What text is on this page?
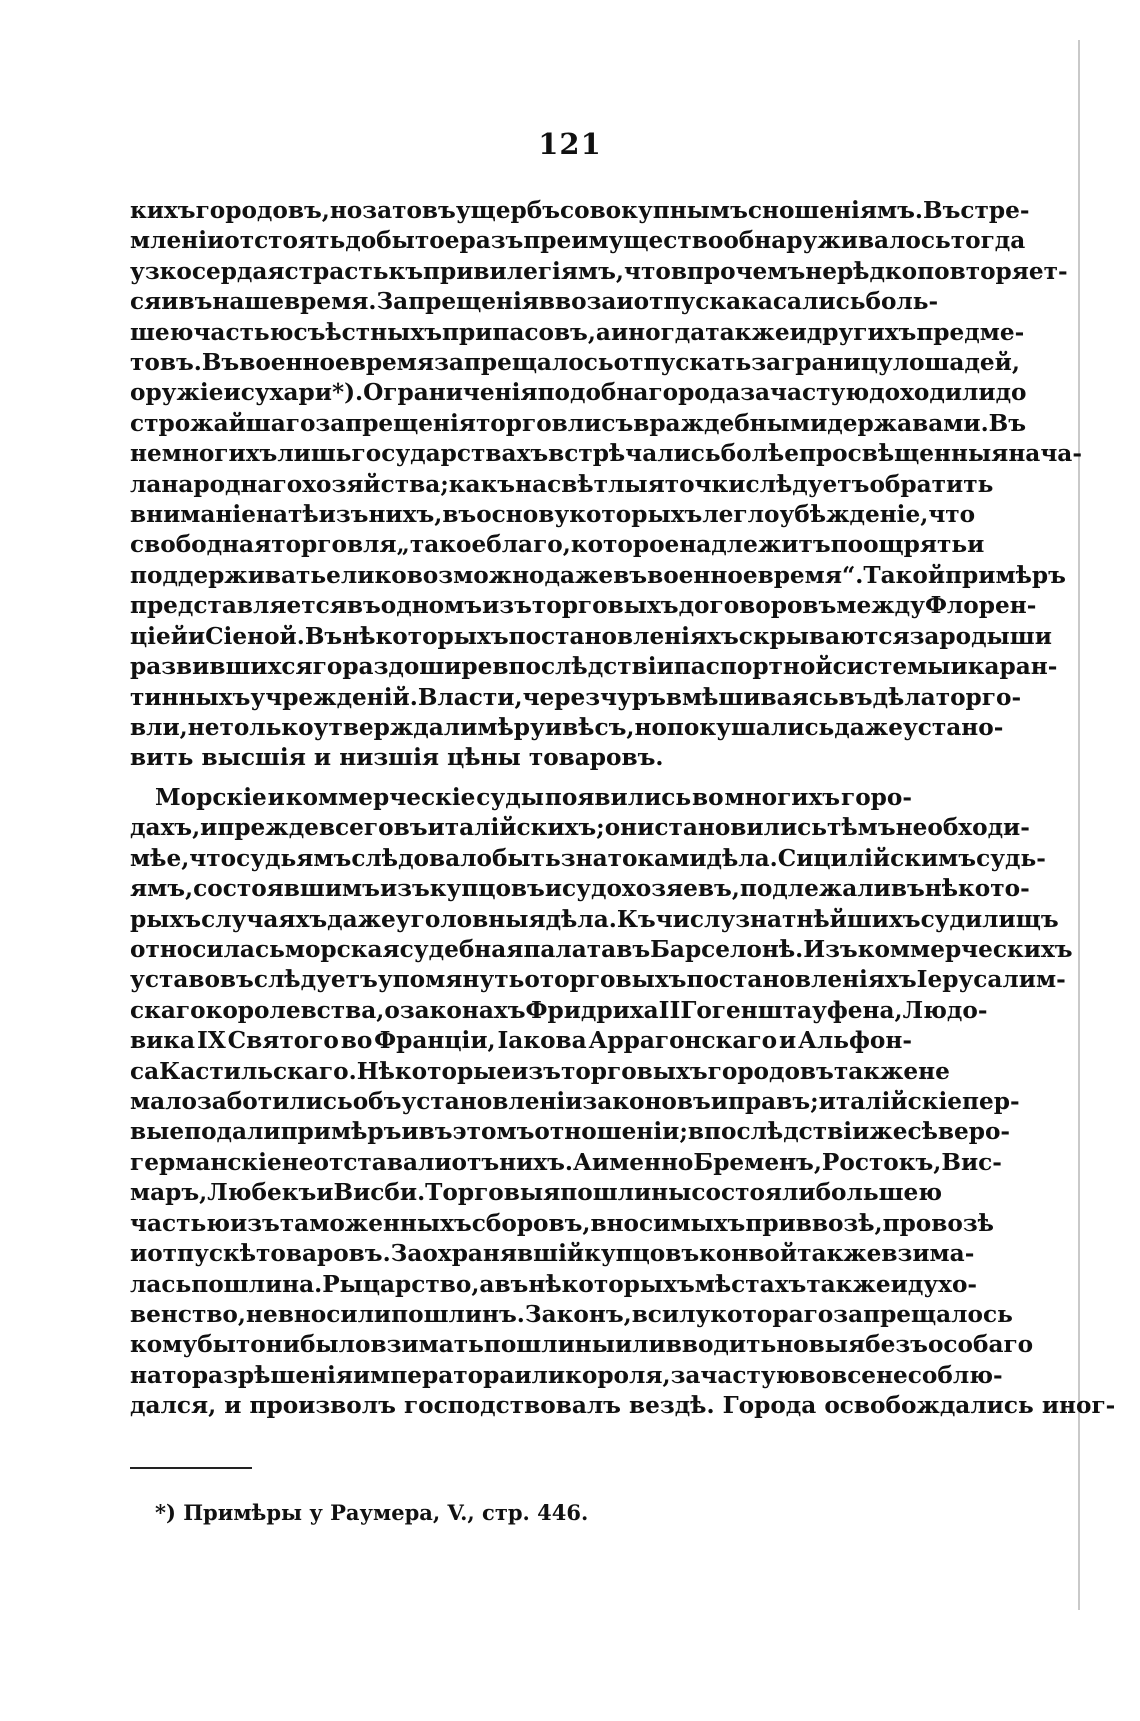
121
кихъ городовъ, но зато въ ущербъ совокупнымъ сношеніямъ. Въ стре-
мленіи отстоять добытое разъ преимущество обнаруживалось тогда
узкосердая страсть къ привилегіямъ, что впрочемъ нерѣдко повторяет-
ся и въ наше время. Запрещенія ввоза и отпуска касались боль-
шею частью съѣстныхъ припасовъ, а иногда также и другихъ предме-
товъ. Въ военное время запрещалось отпускать за границу лошадей,
оружіе и сухари *). Ограниченія подобнаго рода зачастую доходили до
строжайшаго запрещенія торговли съ враждебными державами. Въ
немногихъ лишь государствахъ встрѣчались болѣе просвѣщенныя нача-
ла народнаго хозяйства; какъ на свѣтлыя точки слѣдуетъ обратить
вниманіе на тѣ изъ нихъ, въ основу которыхъ легло убѣжденіе, что
свободная торговля „такое благо, которое надлежитъ поощрять и
поддерживать елико возможно даже въ военное время“. Такой примѣръ
представляется въ одномъ изъ торговыхъ договоровъ между Флорен-
ціей и Сіеной. Въ нѣкоторыхъ постановленіяхъ скрываются зародыши
развившихся гораздо шире впослѣдствіи паспортной системы и каран-
тинныхъ учрежденій. Власти, черезчуръ вмѣшиваясь въ дѣла торго-
вли, не только утверждали мѣру и вѣсъ, но покушались даже устано-
вить высшія и низшія цѣны товаровъ.
Морскіе и коммерческіе суды появились во многихъ горо-
дахъ, и прежде всего въ италійскихъ; они становились тѣмъ необходи-
мѣе, что судьямъ слѣдовало быть знатоками дѣла. Сицилійскимъ судь-
ямъ, состоявшимъ изъ купцовъ и судохозяевъ, подлежали въ нѣкото-
рыхъ случаяхъ даже уголовныя дѣла. Къ числу знатнѣйшихъ судилищъ
относилась морская судебная палата въ Барселонѣ. Изъ коммерческихъ
уставовъ слѣдуетъ упомянуть о торговыхъ постановленіяхъ Іерусалим-
скаго королевства, о законахъ Фридриха II Гогенштауфена, Людо-
вика IX Святого во Франціи, Іакова Аррагонскаго и Альфон-
са Кастильскаго. Нѣкоторые изъ торговыхъ городовъ также не
мало заботились объ установленіи законовъ и правъ; италійскіе пер-
вые подали примѣръ и въ этомъ отношеніи; впослѣдствіи же сѣверо-
германскіе не отставали отъ нихъ. А именно Бременъ, Ростокъ, Вис-
маръ, Любекъ и Висби. Торговыя пошлины состояли большею
частью изъ таможенныхъ сборовъ, вносимыхъ при ввозѣ, провозѣ
и отпускѣ товаровъ. За охранявшій купцовъ конвой также взима-
лась пошлина. Рыцарство, а въ нѣкоторыхъ мѣстахъ также и духо-
венство, не вносили пошлинъ. Законъ, всилу котораго запрещалось
кому бы то ни было взимать пошлины или вводить новыя безъ особаго
на то разрѣшенія императора или короля, зачастую вовсе не соблю-
дался, и произволъ господствовалъ вездѣ. Города освобождались иног-
*) Примѣры у Раумера, V., стр. 446.
